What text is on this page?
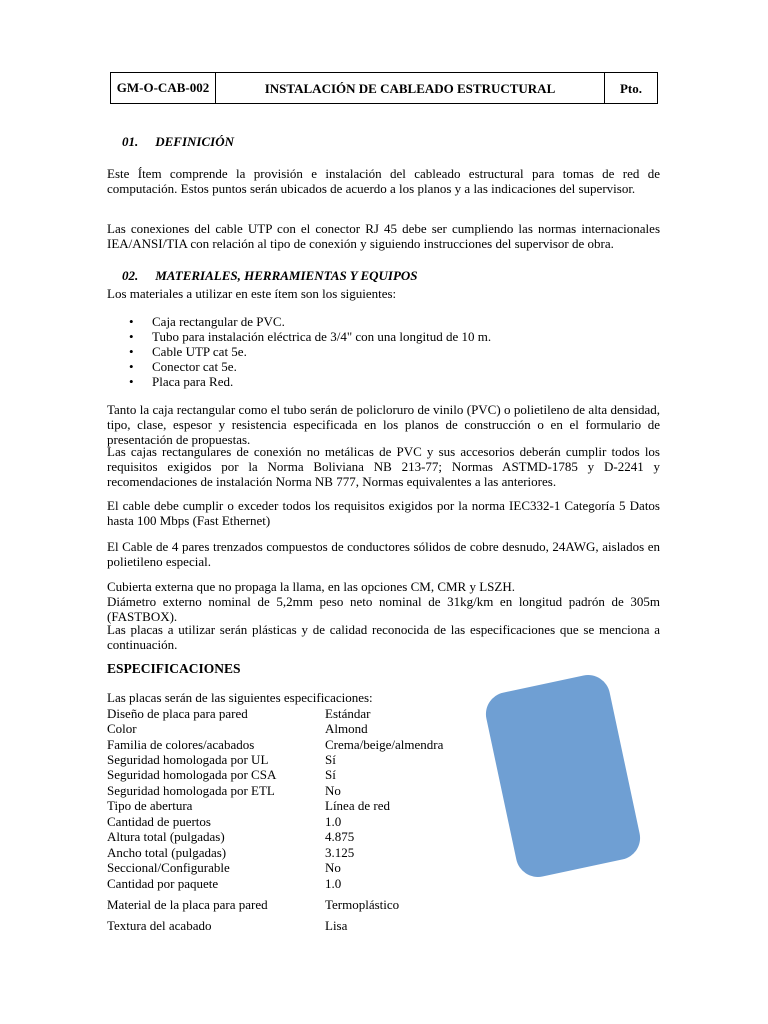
GM-O-CAB-002	INSTALACIÓN DE CABLEADO ESTRUCTURAL	Pto.
01. DEFINICIÓN
Este Ítem comprende la provisión e instalación del cableado estructural para tomas de red de computación. Estos puntos serán ubicados de acuerdo a los planos y a las indicaciones del supervisor.
Las conexiones del cable UTP con el conector RJ 45 debe ser cumpliendo las normas internacionales IEA/ANSI/TIA con relación al tipo de conexión y siguiendo instrucciones del supervisor de obra.
02. MATERIALES, HERRAMIENTAS Y EQUIPOS
Los materiales a utilizar en este ítem son los siguientes:
• Caja rectangular de PVC.
• Tubo para instalación eléctrica de 3/4" con una longitud de 10 m.
• Cable UTP cat 5e.
• Conector cat 5e.
• Placa para Red.
Tanto la caja rectangular como el tubo serán de policloruro de vinilo (PVC) o polietileno de alta densidad, tipo, clase, espesor y resistencia especificada en los planos de construcción o en el formulario de presentación de propuestas.
Las cajas rectangulares de conexión no metálicas de PVC y sus accesorios deberán cumplir todos los requisitos exigidos por la Norma Boliviana NB 213-77; Normas ASTMD-1785 y D-2241 y recomendaciones de instalación Norma NB 777, Normas equivalentes a las anteriores.
El cable debe cumplir o exceder todos los requisitos exigidos por la norma IEC332-1 Categoría 5 Datos hasta 100 Mbps (Fast Ethernet)
El Cable de 4 pares trenzados compuestos de conductores sólidos de cobre desnudo, 24AWG, aislados en polietileno especial.
Cubierta externa que no propaga la llama, en las opciones CM, CMR y LSZH.
Diámetro externo nominal de 5,2mm peso neto nominal de 31kg/km en longitud padrón de 305m (FASTBOX).
Las placas a utilizar serán plásticas y de calidad reconocida de las especificaciones que se menciona a continuación.
ESPECIFICACIONES
Las placas serán de las siguientes especificaciones:
Diseño de placa para pared	Estándar
Color	Almond
Familia de colores/acabados	Crema/beige/almendra
Seguridad homologada por UL	Sí
Seguridad homologada por CSA	Sí
Seguridad homologada por ETL	No
Tipo de abertura	Línea de red
Cantidad de puertos	1.0
Altura total (pulgadas)	4.875
Ancho total (pulgadas)	3.125
Seccional/Configurable	No
Cantidad por paquete	1.0
Material de la placa para pared	Termoplástico
Textura del acabado	Lisa
